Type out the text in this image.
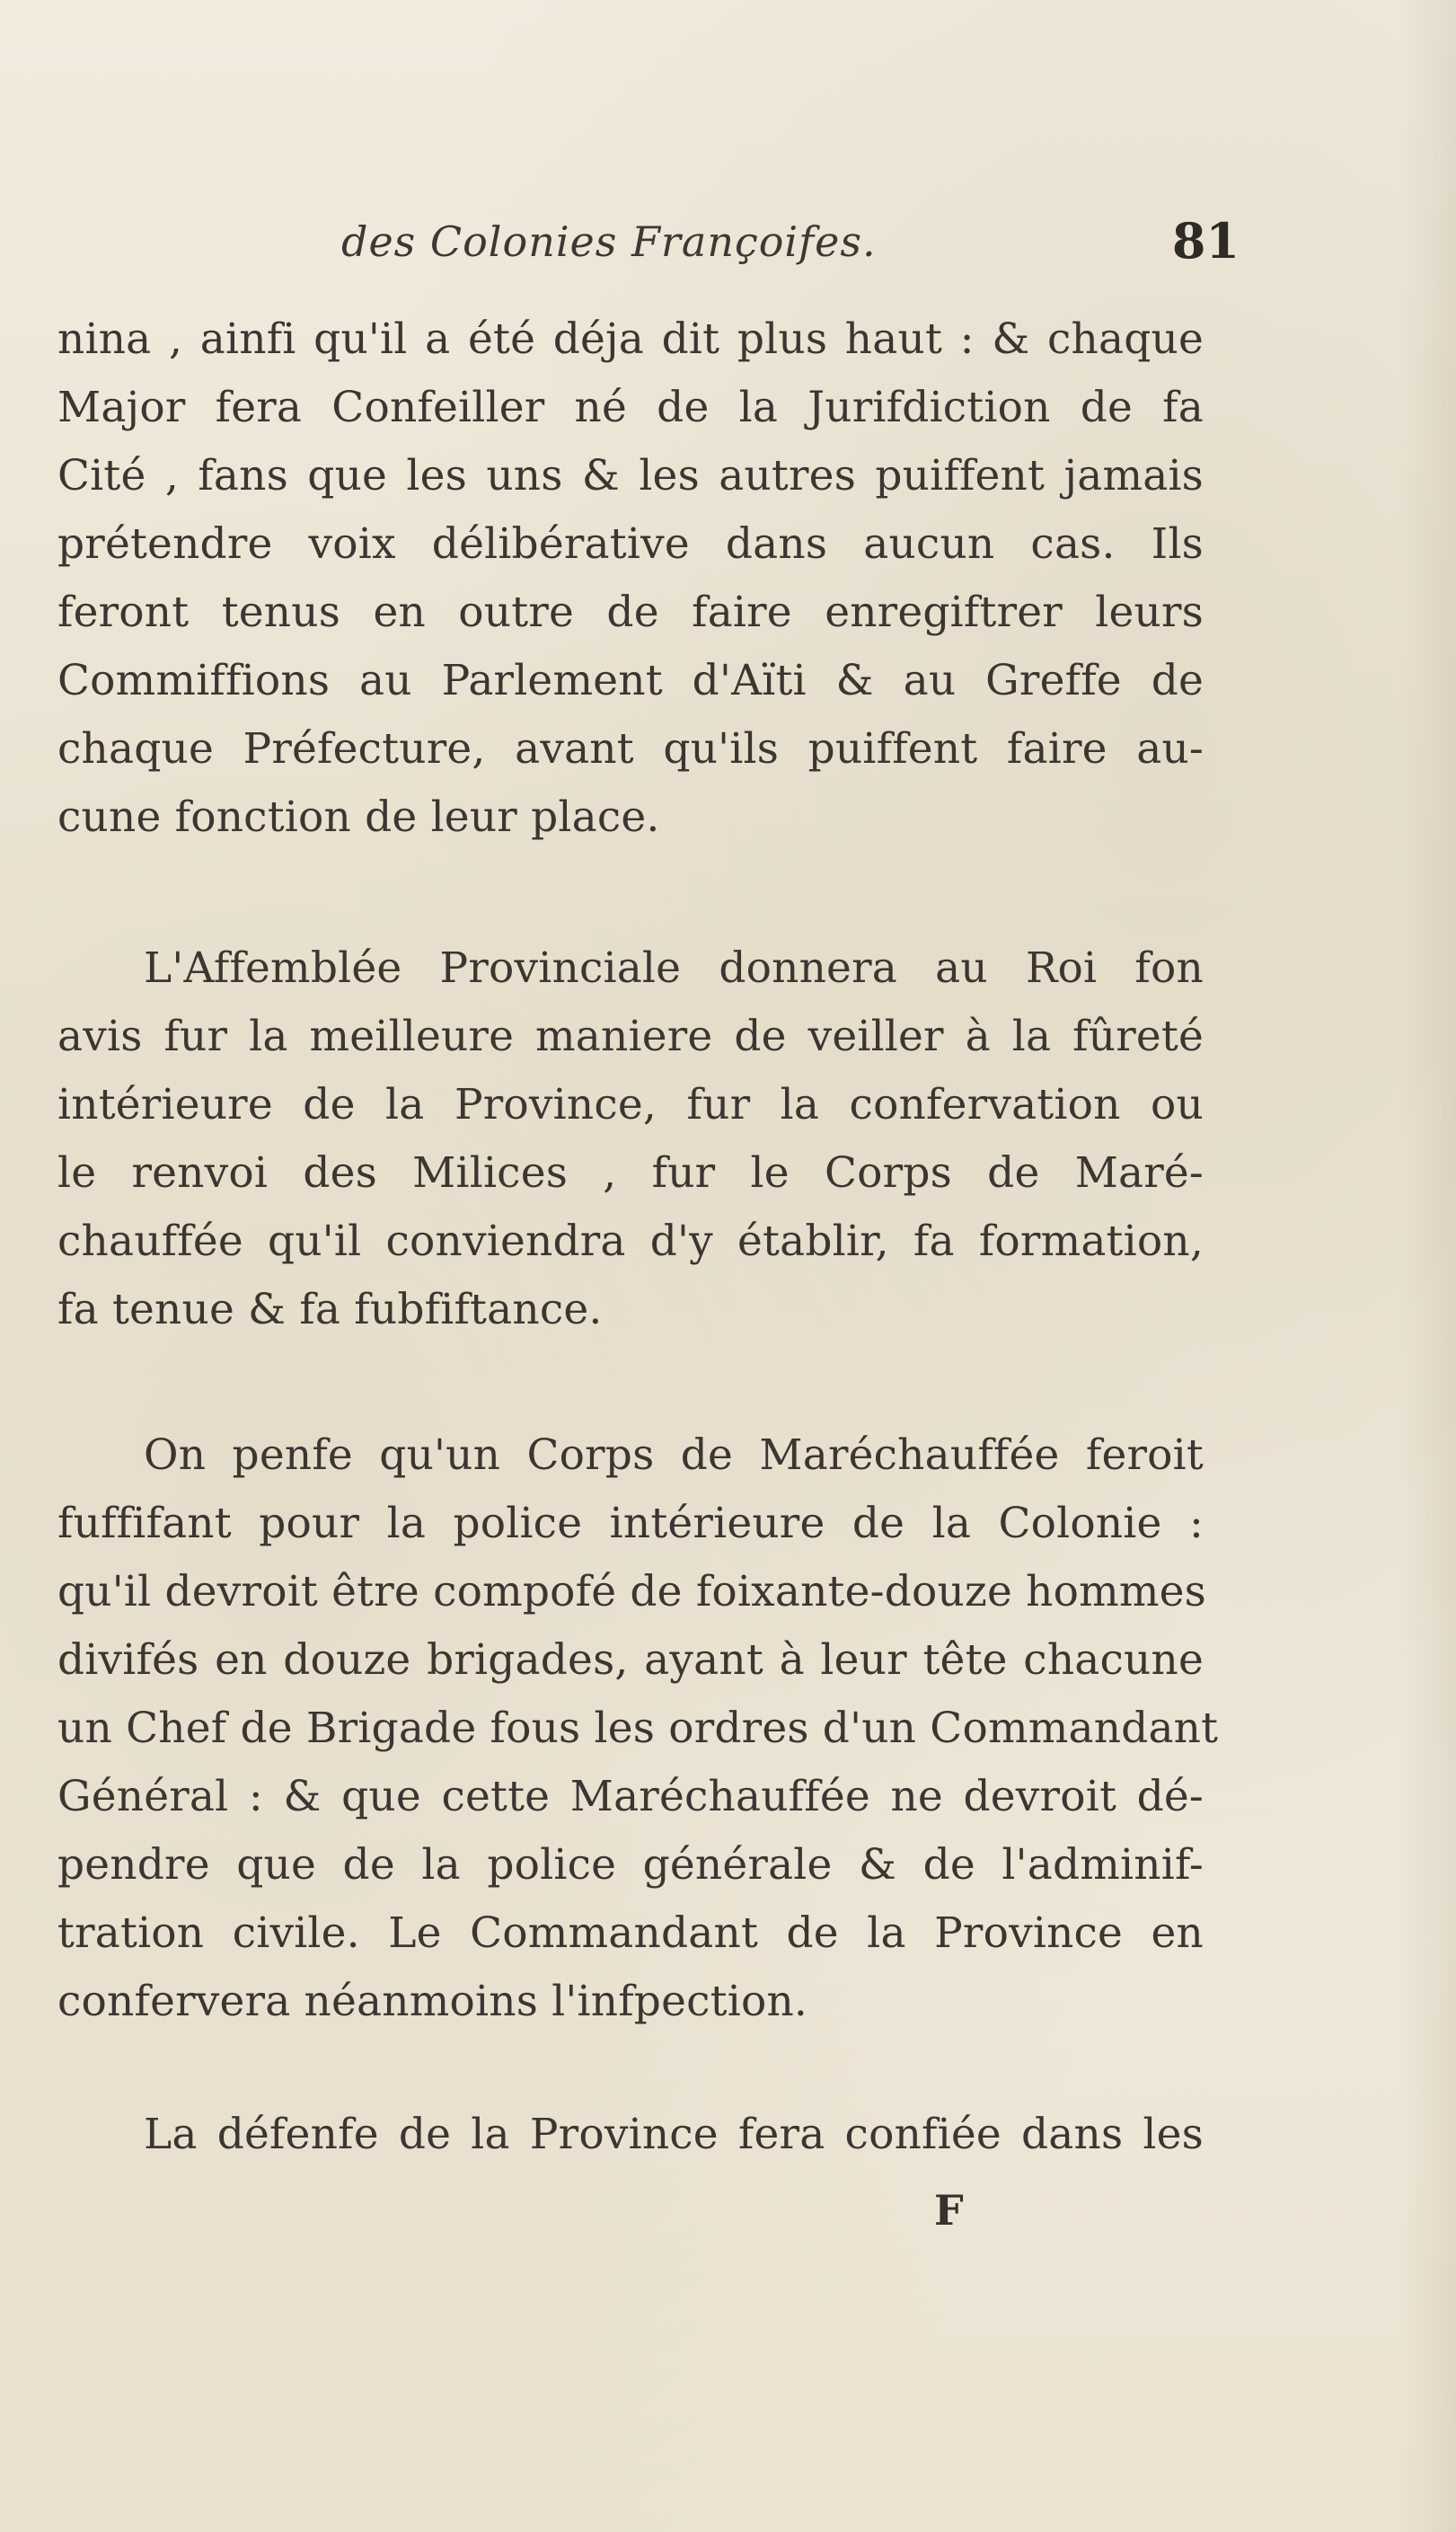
des Colonies Françoifes.	81
nina , ainfi qu'il a été déja dit plus haut : & chaque
Major fera Confeiller né de la Jurifdiction de fa
Cité , fans que les uns & les autres puiffent jamais
prétendre voix délibérative dans aucun cas. Ils
feront tenus en outre de faire enregiftrer leurs
Commiffions au Parlement d'Aïti & au Greffe de
chaque Préfecture, avant qu'ils puiffent faire au-
cune fonction de leur place.
L'Affemblée Provinciale donnera au Roi fon
avis fur la meilleure maniere de veiller à la fûreté
intérieure de la Province, fur la confervation ou
le renvoi des Milices , fur le Corps de Maré-
chauffée qu'il conviendra d'y établir, fa formation,
fa tenue & fa fubfiftance.
On penfe qu'un Corps de Maréchauffée feroit
fuffifant pour la police intérieure de la Colonie :
qu'il devroit être compofé de foixante-douze hommes
divifés en douze brigades, ayant à leur tête chacune
un Chef de Brigade fous les ordres d'un Commandant
Général : & que cette Maréchauffée ne devroit dé-
pendre que de la police générale & de l'adminif-
tration civile. Le Commandant de la Province en
confervera néanmoins l'infpection.
La défenfe de la Province fera confiée dans les
F
